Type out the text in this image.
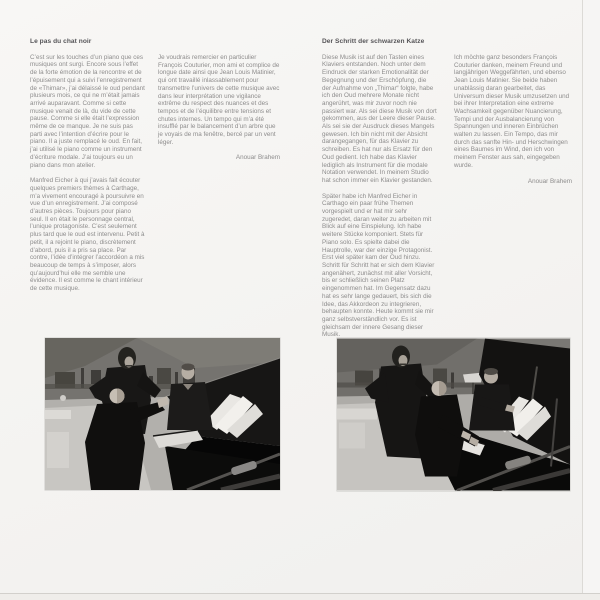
Le pas du chat noir

C’est sur les touches d’un piano que ces musiques ont surgi. Encore sous l’effet de la forte émotion de la rencontre et de l’épuisement qui a suivi l’enregistrement de «Thimar», j’ai délaissé le oud pendant plusieurs mois, ce qui ne m’était jamais arrivé auparavant. Comme si cette musique venait de là, du vide de cette pause. Comme si elle était l’expression même de ce manque. Je ne suis pas parti avec l’intention d’écrire pour le piano. Il a juste remplacé le oud. En fait, j’ai utilisé le piano comme un instrument d’écriture modale. J’ai toujours eu un piano dans mon atelier.

Manfred Eicher à qui j’avais fait écouter quelques premiers thèmes à Carthage, m’a vivement encouragé à poursuivre en vue d’un enregistrement. J’ai composé d’autres pièces. Toujours pour piano seul. Il en était le personnage central, l’unique protagoniste. C’est seulement plus tard que le oud est intervenu. Petit à petit, il a rejoint le piano, discrètement d’abord, puis il a pris sa place. Par contre, l’idée d’intégrer l’accordéon a mis beaucoup de temps à s’imposer, alors qu’aujourd’hui elle me semble une évidence. Il est comme le chant intérieur de cette musique.

Je voudrais remercier en particulier François Couturier, mon ami et complice de longue date ainsi que Jean Louis Matinier, qui ont travaillé inlassablement pour transmettre l’univers de cette musique avec dans leur interprétation une vigilance extrême du respect des nuances et des tempos et de l’équilibre entre tensions et chutes internes. Un tempo qui m’a été insufflé par le balancement d’un arbre que je voyais de ma fenêtre, bercé par un vent léger.

Anouar Brahem

Der Schritt der schwarzen Katze

Diese Musik ist auf den Tasten eines Klaviers entstanden. Noch unter dem Eindruck der starken Emotionalität der Begegnung und der Erschöpfung, die der Aufnahme von „Thimar“ folgte, habe ich den Oud mehrere Monate nicht angerührt, was mir zuvor noch nie passiert war. Als sei diese Musik von dort gekommen, aus der Leere dieser Pause. Als sei sie der Ausdruck dieses Mangels gewesen. Ich bin nicht mit der Absicht darangegangen, für das Klavier zu schreiben. Es hat nur als Ersatz für den Oud gedient. Ich habe das Klavier lediglich als Instrument für die modale Notation verwendet. In meinem Studio hat schon immer ein Klavier gestanden.

Später habe ich Manfred Eicher in Carthago ein paar frühe Themen vorgespielt und er hat mir sehr zugeredet, daran weiter zu arbeiten mit Blick auf eine Einspielung. Ich habe weitere Stücke komponiert. Stets für Piano solo. Es spielte dabei die Hauptrolle, war der einzige Protagonist. Erst viel später kam der Oud hinzu. Schritt für Schritt hat er sich dem Klavier angenähert, zunächst mit aller Vorsicht, bis er schließlich seinen Platz eingenommen hat. Im Gegensatz dazu hat es sehr lange gedauert, bis sich die Idee, das Akkordeon zu integrieren, behaupten konnte. Heute kommt sie mir ganz selbstverständlich vor. Es ist gleichsam der innere Gesang dieser Musik.

Ich möchte ganz besonders François Couturier danken, meinem Freund und langjährigen Weggefährten, und ebenso Jean Louis Matinier. Sie beide haben unablässig daran gearbeitet, das Universum dieser Musik umzusetzen und bei ihrer Interpretation eine extreme Wachsamkeit gegenüber Nuancierung, Tempi und der Ausbalancierung von Spannungen und inneren Einbrüchen walten zu lassen. Ein Tempo, das mir durch das sanfte Hin- und Herschwingen eines Baumes im Wind, den ich von meinem Fenster aus sah, eingegeben wurde.

Anouar Brahem
